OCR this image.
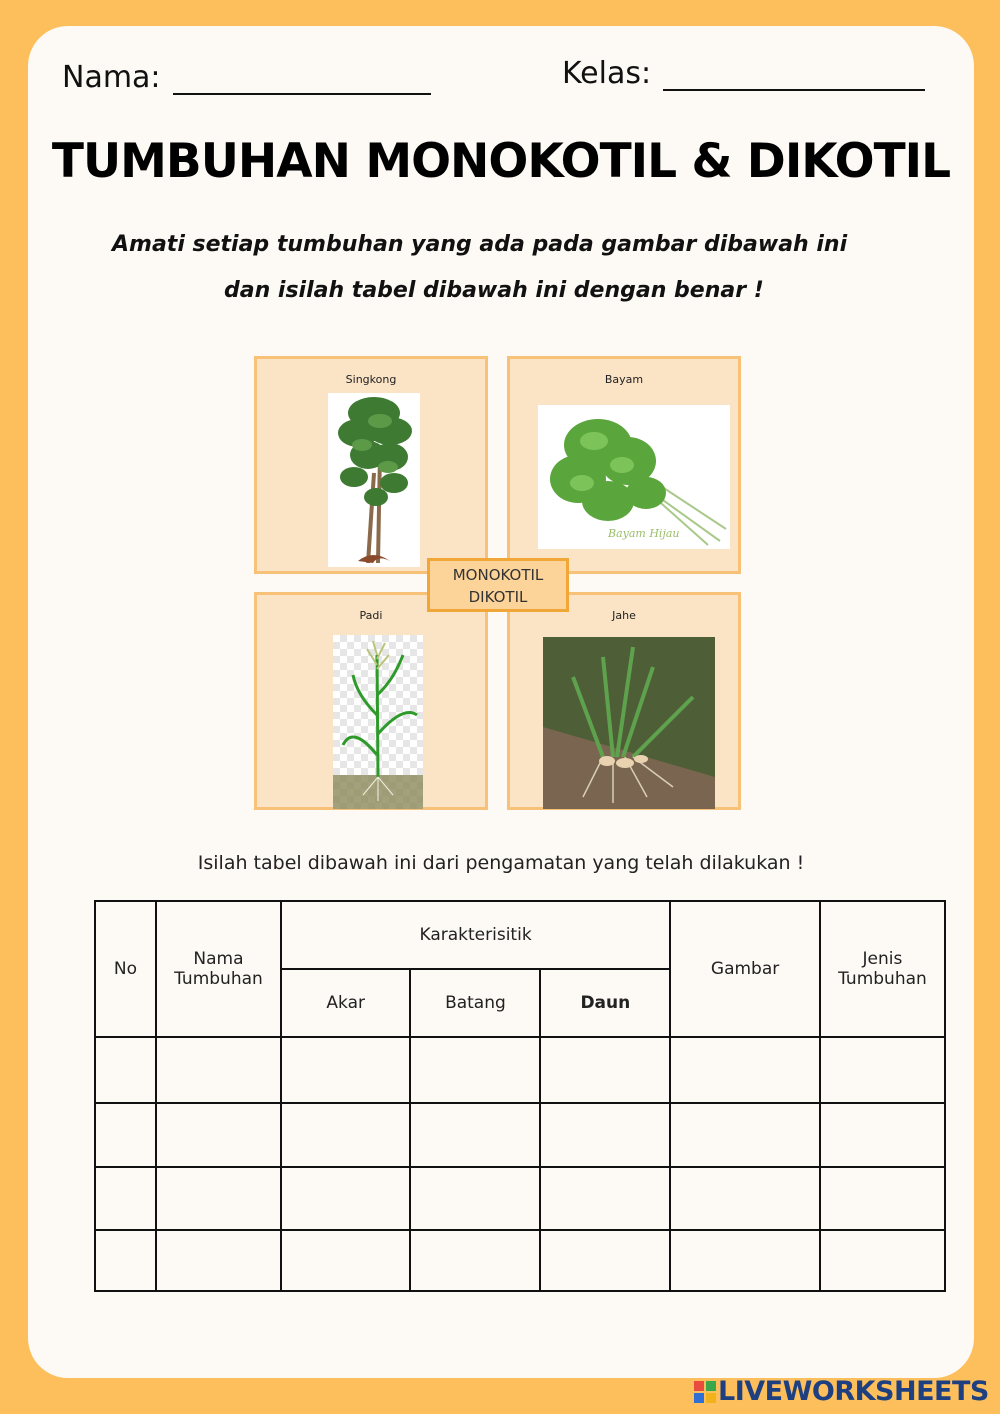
Nama:	Kelas:
TUMBUHAN MONOKOTIL & DIKOTIL
Amati setiap tumbuhan yang ada pada gambar dibawah ini
dan isilah tabel dibawah ini dengan benar !
Singkong	Bayam
Bayam Hijau
Padi	Jahe
MONOKOTIL
DIKOTIL
Isilah tabel dibawah ini dari pengamatan yang telah dilakukan !
No	Nama Tumbuhan	Karakterisitik			Gambar	Jenis Tumbuhan
		Akar	Batang	Daun		

LIVEWORKSHEETS
